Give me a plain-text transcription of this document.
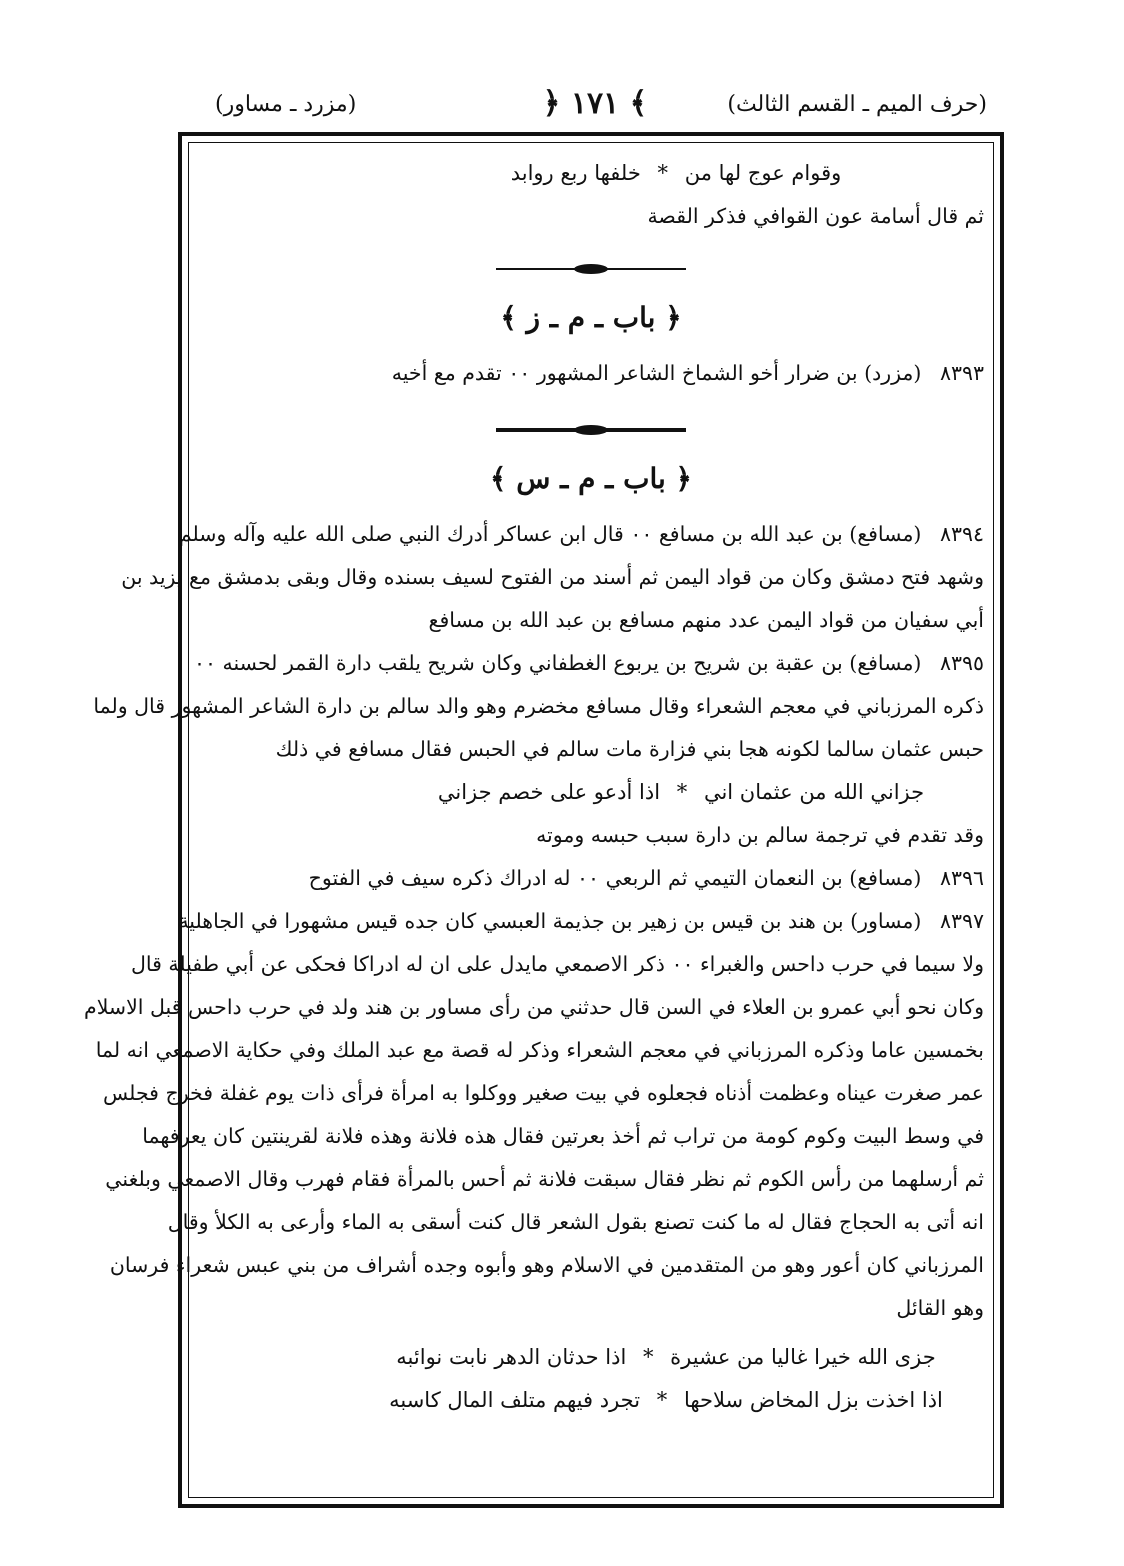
(حرف الميم ـ القسم الثالث)
﴿ ١٧١ ﴾
(مزرد ـ مساور)
وقوام عوج لها من * خلفها ربع روابد
ثم قال أسامة عون القوافي فذكر القصة
﴿ باب ـ م ـ ز ﴾
٨٣٩٣ (مزرد) بن ضرار أخو الشماخ الشاعر المشهور ٠٠ تقدم مع أخيه
﴿ باب ـ م ـ س ﴾
٨٣٩٤ (مسافع) بن عبد الله بن مسافع ٠٠ قال ابن عساكر أدرك النبي صلى الله عليه وآله وسلم
وشهد فتح دمشق وكان من قواد اليمن ثم أسند من الفتوح لسيف بسنده وقال وبقى بدمشق مع يزيد بن
أبي سفيان من قواد اليمن عدد منهم مسافع بن عبد الله بن مسافع
٨٣٩٥ (مسافع) بن عقبة بن شريح بن يربوع الغطفاني وكان شريح يلقب دارة القمر لحسنه ٠٠
ذكره المرزباني في معجم الشعراء وقال مسافع مخضرم وهو والد سالم بن دارة الشاعر المشهور قال ولما
حبس عثمان سالما لكونه هجا بني فزارة مات سالم في الحبس فقال مسافع في ذلك
جزاني الله من عثمان اني * اذا أدعو على خصم جزاني
وقد تقدم في ترجمة سالم بن دارة سبب حبسه وموته
٨٣٩٦ (مسافع) بن النعمان التيمي ثم الربعي ٠٠ له ادراك ذكره سيف في الفتوح
٨٣٩٧ (مساور) بن هند بن قيس بن زهير بن جذيمة العبسي كان جده قيس مشهورا في الجاهلية
ولا سيما في حرب داحس والغبراء ٠٠ ذكر الاصمعي مايدل على ان له ادراكا فحكى عن أبي طفيلة قال
وكان نحو أبي عمرو بن العلاء في السن قال حدثني من رأى مساور بن هند ولد في حرب داحس قبل الاسلام
بخمسين عاما وذكره المرزباني في معجم الشعراء وذكر له قصة مع عبد الملك وفي حكاية الاصمعي انه لما
عمر صغرت عيناه وعظمت أذناه فجعلوه في بيت صغير ووكلوا به امرأة فرأى ذات يوم غفلة فخرج فجلس
في وسط البيت وكوم كومة من تراب ثم أخذ بعرتين فقال هذه فلانة وهذه فلانة لقرينتين كان يعرفهما
ثم أرسلهما من رأس الكوم ثم نظر فقال سبقت فلانة ثم أحس بالمرأة فقام فهرب وقال الاصمعي وبلغني
انه أتى به الحجاج فقال له ما كنت تصنع بقول الشعر قال كنت أسقى به الماء وأرعى به الكلأ وقال
المرزباني كان أعور وهو من المتقدمين في الاسلام وهو وأبوه وجده أشراف من بني عبس شعراء فرسان
وهو القائل
جزى الله خيرا غاليا من عشيرة * اذا حدثان الدهر نابت نوائبه
اذا اخذت بزل المخاض سلاحها * تجرد فيهم متلف المال كاسبه
